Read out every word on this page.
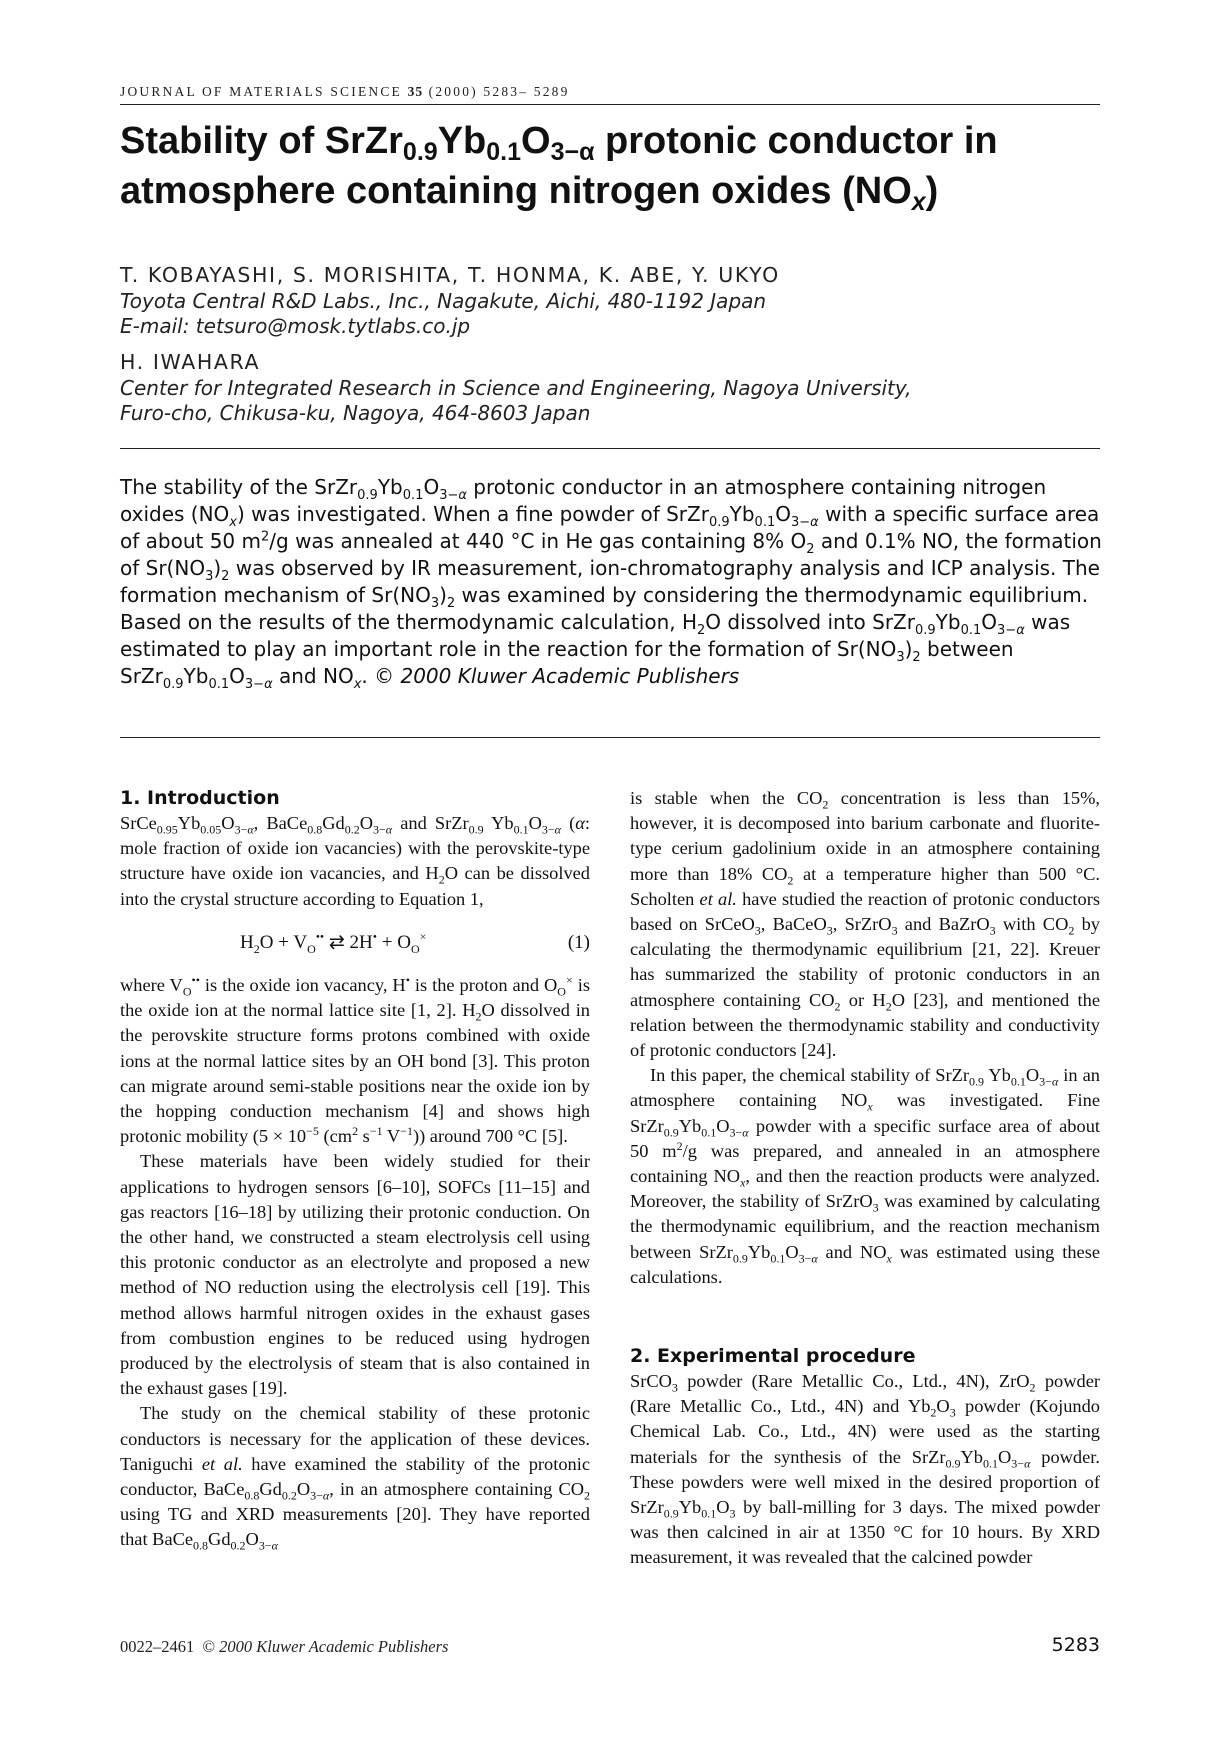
JOURNAL OF MATERIALS SCIENCE 35 (2000) 5283– 5289
Stability of $SrZr_{0.9}Yb_{0.1}O_{3-\alpha}$ protonic conductor in
atmosphere containing nitrogen oxides $(NO_x)$
T. KOBAYASHI, S. MORISHITA, T. HONMA, K. ABE, Y. UKYO
Toyota Central R&D Labs., Inc., Nagakute, Aichi, 480-1192 Japan
E-mail: tetsuro@mosk.tytlabs.co.jp
H. IWAHARA
Center for Integrated Research in Science and Engineering, Nagoya University,
Furo-cho, Chikusa-ku, Nagoya, 464-8603 Japan
The stability of the $SrZr_{0.9}Yb_{0.1}O_{3-\alpha}$ protonic conductor in an atmosphere containing nitrogen oxides $(NO_x)$ was investigated. When a fine powder of $SrZr_{0.9}Yb_{0.1}O_{3-\alpha}$ with a specific surface area of about 50 $m^2/g$ was annealed at 440 °C in He gas containing 8% $O_2$ and 0.1% NO, the formation of $Sr(NO_3)_2$ was observed by IR measurement, ion-chromatography analysis and ICP analysis. The formation mechanism of $Sr(NO_3)_2$ was examined by considering the thermodynamic equilibrium. Based on the results of the thermodynamic calculation, $H_2O$ dissolved into $SrZr_{0.9}Yb_{0.1}O_{3-\alpha}$ was estimated to play an important role in the reaction for the formation of $Sr(NO_3)_2$ between $SrZr_{0.9}Yb_{0.1}O_{3-\alpha}$ and $NO_x$. © 2000 Kluwer Academic Publishers
1. Introduction

$SrCe_{0.95}Yb_{0.05}O_{3-\alpha}$, $BaCe_{0.8}Gd_{0.2}O_{3-\alpha}$ and SrZr$_{0.9}$ $Yb_{0.1}O_{3-\alpha}$ (α: mole fraction of oxide ion vacancies) with the perovskite-type structure have oxide ion vacancies, and $H_2O$ can be dissolved into the crystal structure according to Equation 1,

$H_2O + V_O^{••}$ ⇄ $2H^• + O_O^\times$	(1)

where $V_O^{••}$ is the oxide ion vacancy, H• is the proton and $O_O^\times$ is the oxide ion at the normal lattice site [1, 2]. $H_2O$ dissolved in the perovskite structure forms protons combined with oxide ions at the normal lattice sites by an OH bond [3]. This proton can migrate around semi-stable positions near the oxide ion by the hopping conduction mechanism [4] and shows high protonic mobility ($5 \times 10^{-5}$ ($cm^2$ $s^{-1}$ $V^{-1}$)) around 700 °C [5].

These materials have been widely studied for their applications to hydrogen sensors [6–10], SOFCs [11–15] and gas reactors [16–18] by utilizing their protonic conduction. On the other hand, we constructed a steam electrolysis cell using this protonic conductor as an electrolyte and proposed a new method of NO reduction using the electrolysis cell [19]. This method allows harmful nitrogen oxides in the exhaust gases from combustion engines to be reduced using hydrogen produced by the electrolysis of steam that is also contained in the exhaust gases [19].

The study on the chemical stability of these protonic conductors is necessary for the application of these devices. Taniguchi et al. have examined the stability of the protonic conductor, $BaCe_{0.8}Gd_{0.2}O_{3-\alpha}$, in an atmosphere containing $CO_2$ using TG and XRD measurements [20]. They have reported that $BaCe_{0.8}Gd_{0.2}O_{3-\alpha}$

is stable when the $CO_2$ concentration is less than 15%, however, it is decomposed into barium carbonate and fluorite-type cerium gadolinium oxide in an atmosphere containing more than 18% $CO_2$ at a temperature higher than 500 °C. Scholten et al. have studied the reaction of protonic conductors based on SrCeO$_3$, BaCeO$_3$, SrZrO$_3$ and BaZrO$_3$ with $CO_2$ by calculating the thermodynamic equilibrium [21, 22]. Kreuer has summarized the stability of protonic conductors in an atmosphere containing $CO_2$ or $H_2O$ [23], and mentioned the relation between the thermodynamic stability and conductivity of protonic conductors [24].

In this paper, the chemical stability of SrZr$_{0.9}$ $Yb_{0.1}O_{3-\alpha}$ in an atmosphere containing $NO_x$ was investigated. Fine $SrZr_{0.9}Yb_{0.1}O_{3-\alpha}$ powder with a specific surface area of about 50 $m^2/g$ was prepared, and annealed in an atmosphere containing $NO_x$, and then the reaction products were analyzed. Moreover, the stability of SrZrO$_3$ was examined by calculating the thermodynamic equilibrium, and the reaction mechanism between $SrZr_{0.9}Yb_{0.1}O_{3-\alpha}$ and $NO_x$ was estimated using these calculations.

2. Experimental procedure

SrCO$_3$ powder (Rare Metallic Co., Ltd., 4N), ZrO$_2$ powder (Rare Metallic Co., Ltd., 4N) and $Yb_2O_3$ powder (Kojundo Chemical Lab. Co., Ltd., 4N) were used as the starting materials for the synthesis of the $SrZr_{0.9}Yb_{0.1}O_{3-\alpha}$ powder. These powders were well mixed in the desired proportion of $SrZr_{0.9}Yb_{0.1}O_3$ by ball-milling for 3 days. The mixed powder was then calcined in air at 1350 °C for 10 hours. By XRD measurement, it was revealed that the calcined powder

0022–2461  © 2000 Kluwer Academic Publishers	5283
